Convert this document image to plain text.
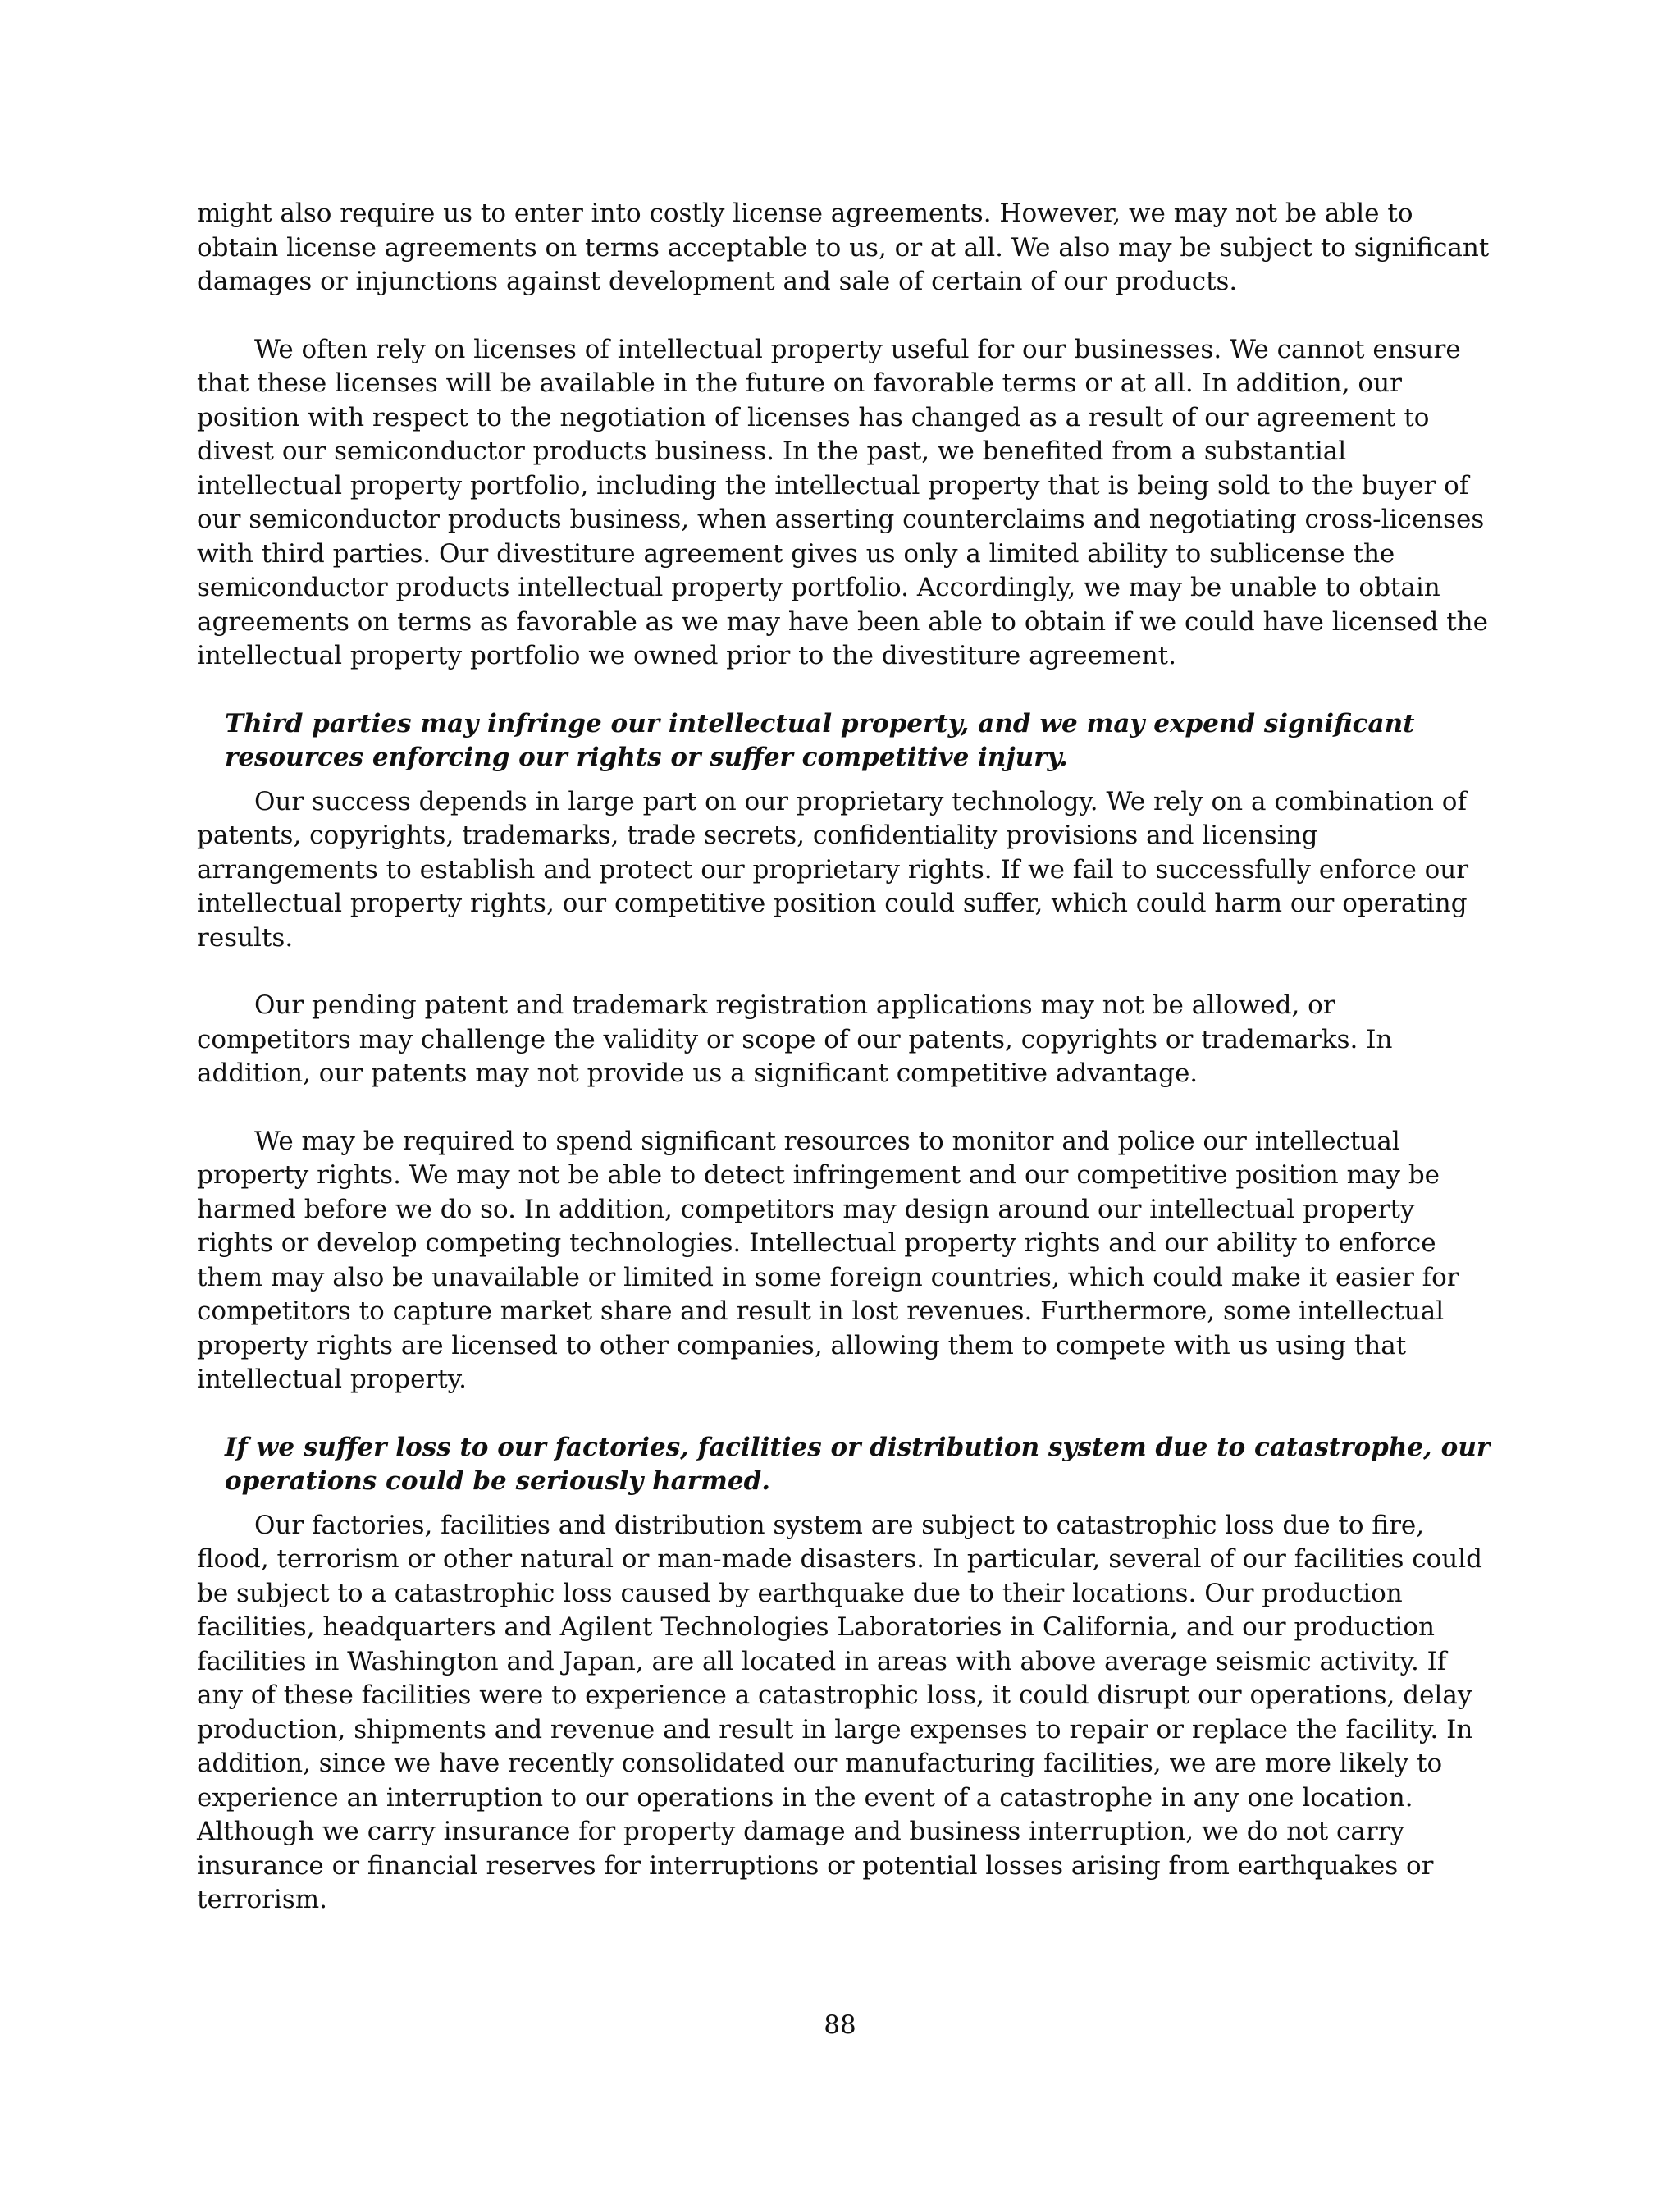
might also require us to enter into costly license agreements. However, we may not be able to obtain license agreements on terms acceptable to us, or at all. We also may be subject to significant damages or injunctions against development and sale of certain of our products.

We often rely on licenses of intellectual property useful for our businesses. We cannot ensure that these licenses will be available in the future on favorable terms or at all. In addition, our position with respect to the negotiation of licenses has changed as a result of our agreement to divest our semiconductor products business. In the past, we benefited from a substantial intellectual property portfolio, including the intellectual property that is being sold to the buyer of our semiconductor products business, when asserting counterclaims and negotiating cross-licenses with third parties. Our divestiture agreement gives us only a limited ability to sublicense the semiconductor products intellectual property portfolio. Accordingly, we may be unable to obtain agreements on terms as favorable as we may have been able to obtain if we could have licensed the intellectual property portfolio we owned prior to the divestiture agreement.

Third parties may infringe our intellectual property, and we may expend significant resources enforcing our rights or suffer competitive injury.

Our success depends in large part on our proprietary technology. We rely on a combination of patents, copyrights, trademarks, trade secrets, confidentiality provisions and licensing arrangements to establish and protect our proprietary rights. If we fail to successfully enforce our intellectual property rights, our competitive position could suffer, which could harm our operating results.

Our pending patent and trademark registration applications may not be allowed, or competitors may challenge the validity or scope of our patents, copyrights or trademarks. In addition, our patents may not provide us a significant competitive advantage.

We may be required to spend significant resources to monitor and police our intellectual property rights. We may not be able to detect infringement and our competitive position may be harmed before we do so. In addition, competitors may design around our intellectual property rights or develop competing technologies. Intellectual property rights and our ability to enforce them may also be unavailable or limited in some foreign countries, which could make it easier for competitors to capture market share and result in lost revenues. Furthermore, some intellectual property rights are licensed to other companies, allowing them to compete with us using that intellectual property.

If we suffer loss to our factories, facilities or distribution system due to catastrophe, our operations could be seriously harmed.

Our factories, facilities and distribution system are subject to catastrophic loss due to fire, flood, terrorism or other natural or man-made disasters. In particular, several of our facilities could be subject to a catastrophic loss caused by earthquake due to their locations. Our production facilities, headquarters and Agilent Technologies Laboratories in California, and our production facilities in Washington and Japan, are all located in areas with above average seismic activity. If any of these facilities were to experience a catastrophic loss, it could disrupt our operations, delay production, shipments and revenue and result in large expenses to repair or replace the facility. In addition, since we have recently consolidated our manufacturing facilities, we are more likely to experience an interruption to our operations in the event of a catastrophe in any one location. Although we carry insurance for property damage and business interruption, we do not carry insurance or financial reserves for interruptions or potential losses arising from earthquakes or terrorism.

88
